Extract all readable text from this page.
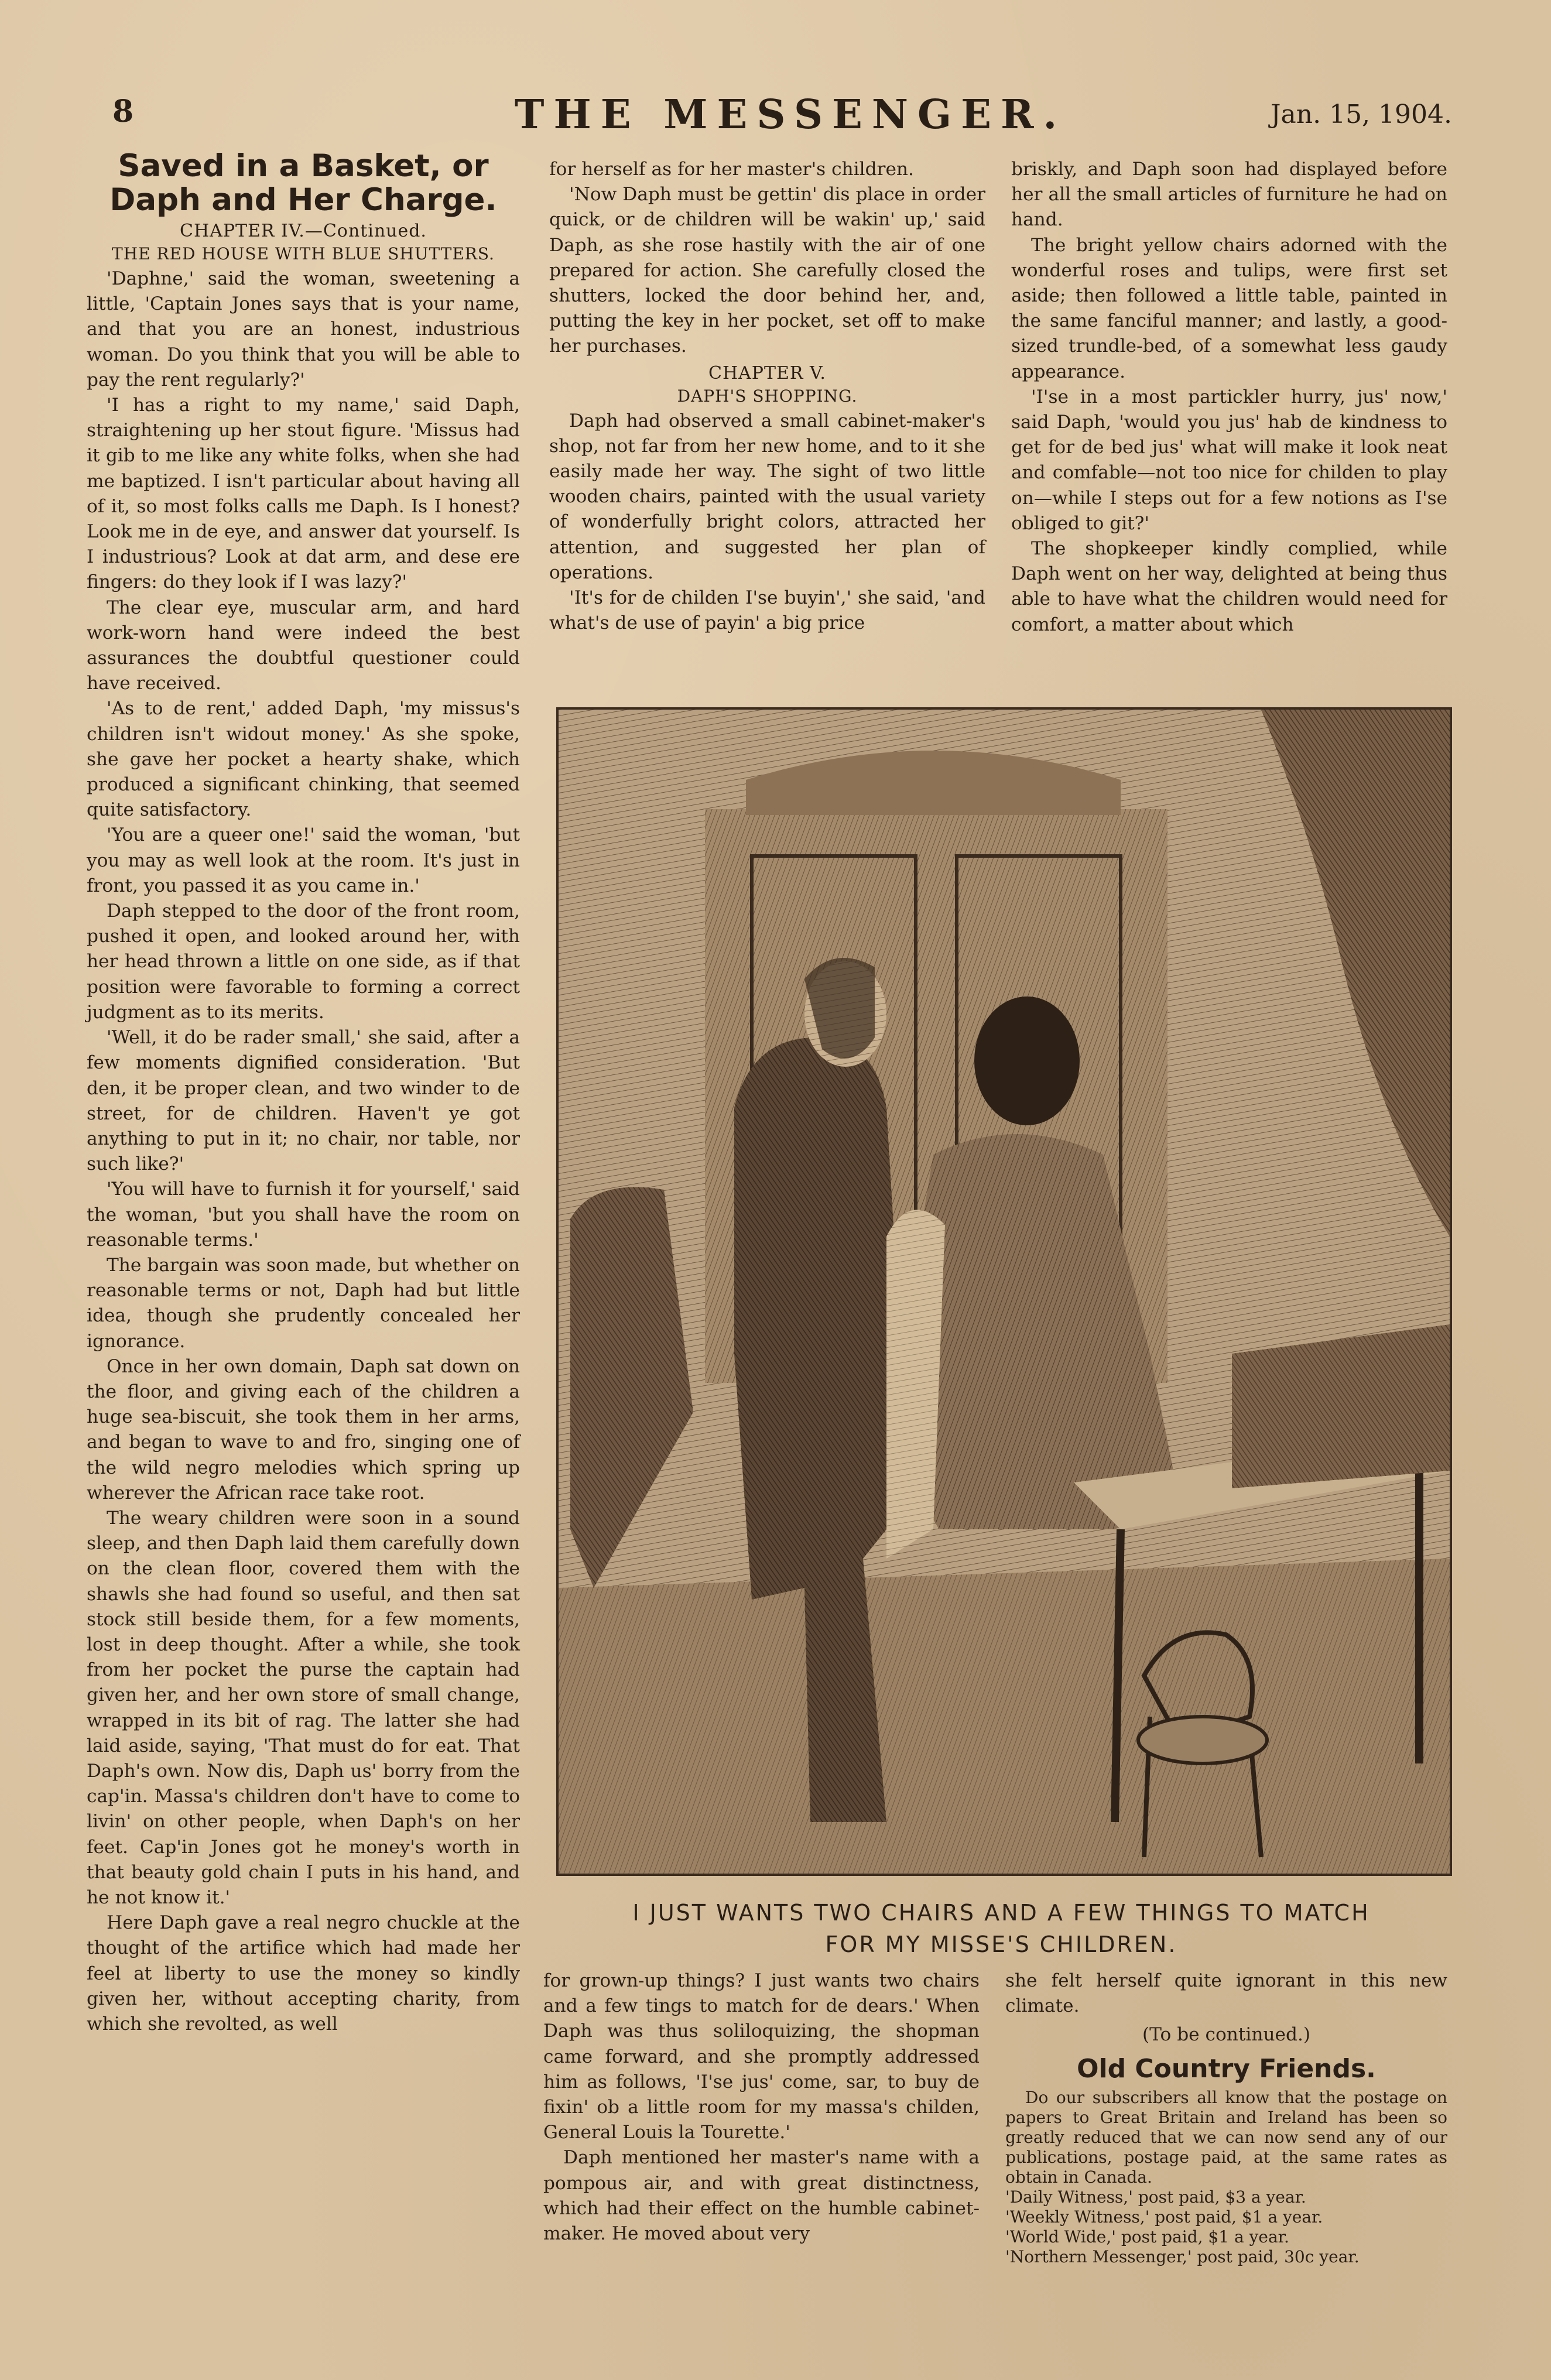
8	THE MESSENGER.	Jan. 15, 1904.
Saved in a Basket, or Daph and Her Charge.
CHAPTER IV.—Continued.
THE RED HOUSE WITH BLUE SHUTTERS.

'Daphne,' said the woman, sweetening a little, 'Captain Jones says that is your name, and that you are an honest, industrious woman. Do you think that you will be able to pay the rent regularly?'

'I has a right to my name,' said Daph, straightening up her stout figure. 'Missus had it gib to me like any white folks, when she had me baptized. I isn't particular about having all of it, so most folks calls me Daph. Is I honest? Look me in de eye, and answer dat yourself. Is I industrious? Look at dat arm, and dese ere fingers: do they look if I was lazy?'

The clear eye, muscular arm, and hard work-worn hand were indeed the best assurances the doubtful questioner could have received.

'As to de rent,' added Daph, 'my missus's children isn't widout money.' As she spoke, she gave her pocket a hearty shake, which produced a significant chinking, that seemed quite satisfactory.

'You are a queer one!' said the woman, 'but you may as well look at the room. It's just in front, you passed it as you came in.'

Daph stepped to the door of the front room, pushed it open, and looked around her, with her head thrown a little on one side, as if that position were favorable to forming a correct judgment as to its merits.

'Well, it do be rader small,' she said, after a few moments dignified consideration. 'But den, it be proper clean, and two winder to de street, for de children. Haven't ye got anything to put in it; no chair, nor table, nor such like?'

'You will have to furnish it for yourself,' said the woman, 'but you shall have the room on reasonable terms.'

The bargain was soon made, but whether on reasonable terms or not, Daph had but little idea, though she prudently concealed her ignorance.

Once in her own domain, Daph sat down on the floor, and giving each of the children a huge sea-biscuit, she took them in her arms, and began to wave to and fro, singing one of the wild negro melodies which spring up wherever the African race take root.

The weary children were soon in a sound sleep, and then Daph laid them carefully down on the clean floor, covered them with the shawls she had found so useful, and then sat stock still beside them, for a few moments, lost in deep thought. After a while, she took from her pocket the purse the captain had given her, and her own store of small change, wrapped in its bit of rag. The latter she had laid aside, saying, 'That must do for eat. That Daph's own. Now dis, Daph us' borry from the cap'in. Massa's children don't have to come to livin' on other people, when Daph's on her feet. Cap'in Jones got he money's worth in that beauty gold chain I puts in his hand, and he not know it.'

Here Daph gave a real negro chuckle at the thought of the artifice which had made her feel at liberty to use the money so kindly given her, without accepting charity, from which she revolted, as well

for herself as for her master's children.

'Now Daph must be gettin' dis place in order quick, or de children will be wakin' up,' said Daph, as she rose hastily with the air of one prepared for action. She carefully closed the shutters, locked the door behind her, and, putting the key in her pocket, set off to make her purchases.

CHAPTER V.
DAPH'S SHOPPING.

Daph had observed a small cabinet-maker's shop, not far from her new home, and to it she easily made her way. The sight of two little wooden chairs, painted with the usual variety of wonderfully bright colors, attracted her attention, and suggested her plan of operations.

'It's for de childen I'se buyin',' she said, 'and what's de use of payin' a big price

briskly, and Daph soon had displayed before her all the small articles of furniture he had on hand.

The bright yellow chairs adorned with the wonderful roses and tulips, were first set aside; then followed a little table, painted in the same fanciful manner; and lastly, a good-sized trundle-bed, of a somewhat less gaudy appearance.

'I'se in a most partickler hurry, jus' now,' said Daph, 'would you jus' hab de kindness to get for de bed jus' what will make it look neat and comfable—not too nice for childen to play on—while I steps out for a few notions as I'se obliged to git?'

The shopkeeper kindly complied, while Daph went on her way, delighted at being thus able to have what the children would need for comfort, a matter about which

I JUST WANTS TWO CHAIRS AND A FEW THINGS TO MATCH
FOR MY MISSE'S CHILDREN.

for grown-up things? I just wants two chairs and a few tings to match for de dears.' When Daph was thus soliloquizing, the shopman came forward, and she promptly addressed him as follows, 'I'se jus' come, sar, to buy de fixin' ob a little room for my massa's childen, General Louis la Tourette.'

Daph mentioned her master's name with a pompous air, and with great distinctness, which had their effect on the humble cabinet-maker. He moved about very

she felt herself quite ignorant in this new climate.

(To be continued.)
Old Country Friends.

Do our subscribers all know that the postage on papers to Great Britain and Ireland has been so greatly reduced that we can now send any of our publications, postage paid, at the same rates as obtain in Canada.

'Daily Witness,' post paid, $3 a year.
'Weekly Witness,' post paid, $1 a year.
'World Wide,' post paid, $1 a year.
'Northern Messenger,' post paid, 30c year.
